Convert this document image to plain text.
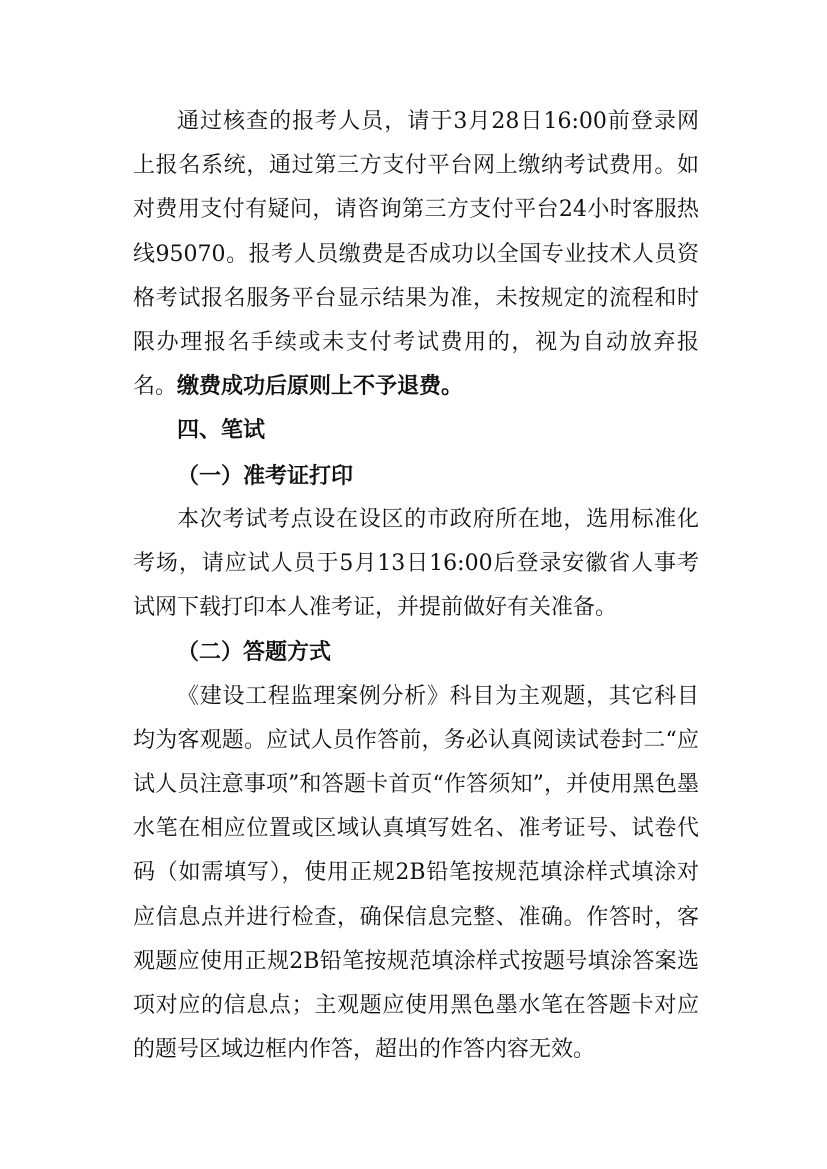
通过核查的报考人员，请于3月28日16:00前登录网上报名系统，通过第三方支付平台网上缴纳考试费用。如对费用支付有疑问，请咨询第三方支付平台24小时客服热线95070。报考人员缴费是否成功以全国专业技术人员资格考试报名服务平台显示结果为准，未按规定的流程和时限办理报名手续或未支付考试费用的，视为自动放弃报名。缴费成功后原则上不予退费。

四、笔试

（一）准考证打印

本次考试考点设在设区的市政府所在地，选用标准化考场，请应试人员于5月13日16:00后登录安徽省人事考试网下载打印本人准考证，并提前做好有关准备。

（二）答题方式

《建设工程监理案例分析》科目为主观题，其它科目均为客观题。应试人员作答前，务必认真阅读试卷封二“应试人员注意事项”和答题卡首页“作答须知”，并使用黑色墨水笔在相应位置或区域认真填写姓名、准考证号、试卷代码（如需填写），使用正规2B铅笔按规范填涂样式填涂对应信息点并进行检查，确保信息完整、准确。作答时，客观题应使用正规2B铅笔按规范填涂样式按题号填涂答案选项对应的信息点；主观题应使用黑色墨水笔在答题卡对应的题号区域边框内作答，超出的作答内容无效。
